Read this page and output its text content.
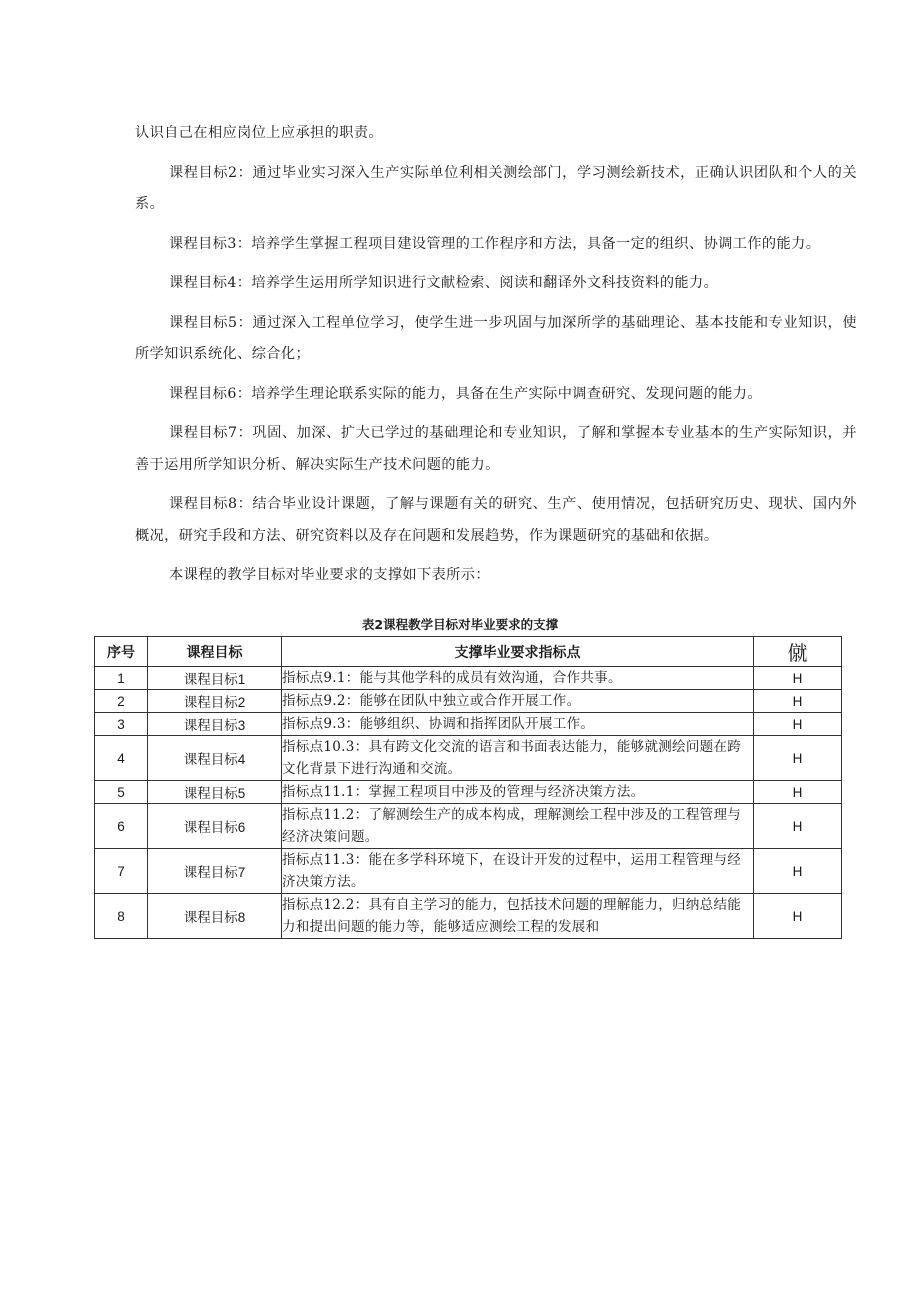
认识自己在相应岗位上应承担的职责。

课程目标2：通过毕业实习深入生产实际单位利相关测绘部门，学习测绘新技术，正确认识团队和个人的关系。

课程目标3：培养学生掌握工程项目建设管理的工作程序和方法，具备一定的组织、协调工作的能力。

课程目标4：培养学生运用所学知识进行文献检索、阅读和翻译外文科技资料的能力。

课程目标5：通过深入工程单位学习，使学生进一步巩固与加深所学的基础理论、基本技能和专业知识，使所学知识系统化、综合化；

课程目标6：培养学生理论联系实际的能力，具备在生产实际中调查研究、发现问题的能力。

课程目标7：巩固、加深、扩大已学过的基础理论和专业知识，了解和掌握本专业基本的生产实际知识，并善于运用所学知识分析、解决实际生产技术问题的能力。

课程目标8：结合毕业设计课题，了解与课题有关的研究、生产、使用情况，包括研究历史、现状、国内外概况，研究手段和方法、研究资料以及存在问题和发展趋势，作为课题研究的基础和依据。

本课程的教学目标对毕业要求的支撑如下表所示：

表2课程教学目标对毕业要求的支撑
序号	课程目标	支撑毕业要求指标点	僦
1	课程目标1	指标点9.1：能与其他学科的成员有效沟通，合作共事。	H
2	课程目标2	指标点9.2：能够在团队中独立或合作开展工作。	H
3	课程目标3	指标点9.3：能够组织、协调和指挥团队开展工作。	H
4	课程目标4	指标点10.3：具有跨文化交流的语言和书面表达能力，能够就测绘问题在跨文化背景下进行沟通和交流。	H
5	课程目标5	指标点11.1：掌握工程项目中涉及的管理与经济决策方法。	H
6	课程目标6	指标点11.2：了解测绘生产的成本构成，理解测绘工程中涉及的工程管理与经济决策问题。	H
7	课程目标7	指标点11.3：能在多学科环境下，在设计开发的过程中，运用工程管理与经济决策方法。	H
8	课程目标8	指标点12.2：具有自主学习的能力，包括技术问题的理解能力，归纳总结能力和提出问题的能力等，能够适应测绘工程的发展和	H
